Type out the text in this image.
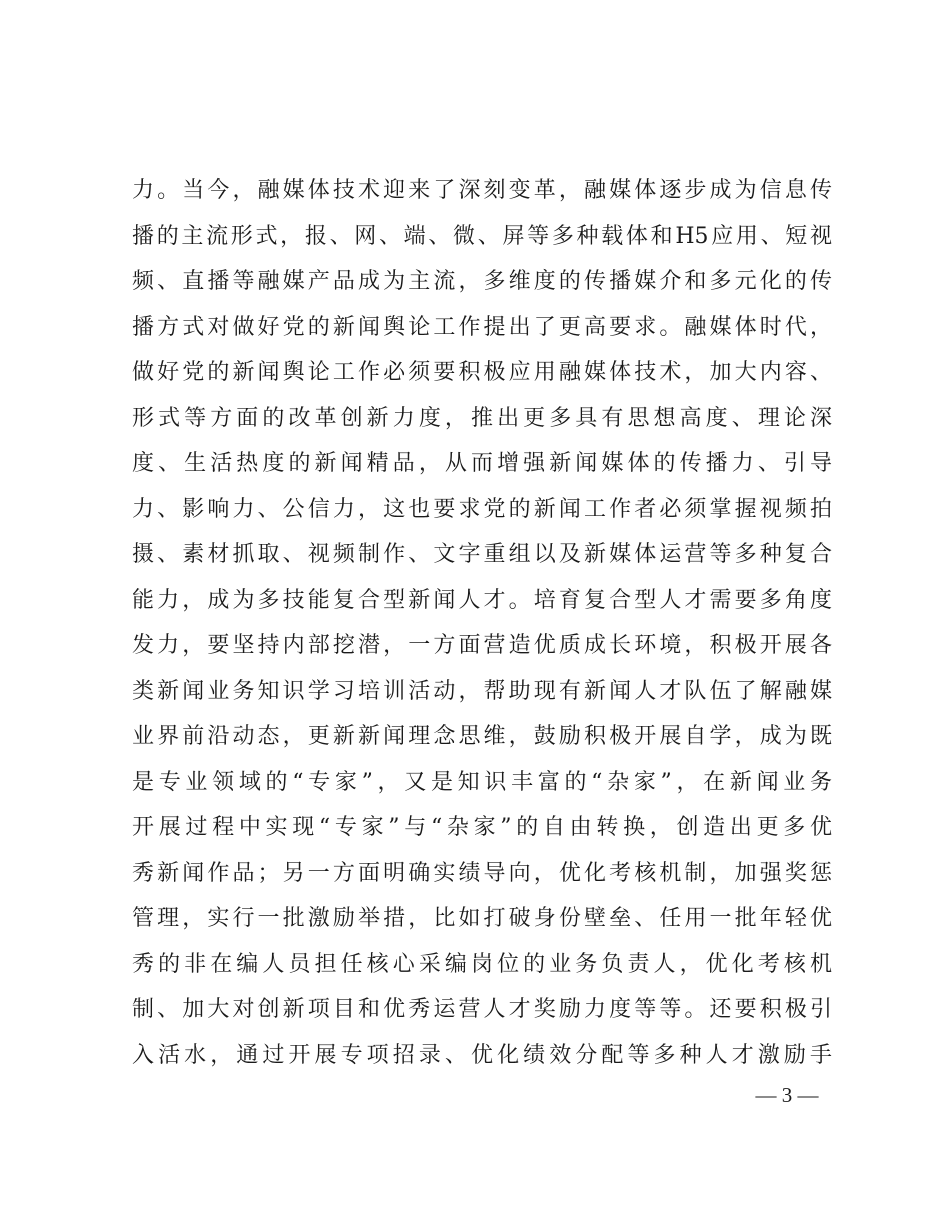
力。当今，融媒体技术迎来了深刻变革，融媒体逐步成为信息传
播的主流形式，报、网、端、微、屏等多种载体和H5应用、短视
频、直播等融媒产品成为主流，多维度的传播媒介和多元化的传
播方式对做好党的新闻舆论工作提出了更高要求。融媒体时代，
做好党的新闻舆论工作必须要积极应用融媒体技术，加大内容、
形式等方面的改革创新力度，推出更多具有思想高度、理论深
度、生活热度的新闻精品，从而增强新闻媒体的传播力、引导
力、影响力、公信力，这也要求党的新闻工作者必须掌握视频拍
摄、素材抓取、视频制作、文字重组以及新媒体运营等多种复合
能力，成为多技能复合型新闻人才。培育复合型人才需要多角度
发力，要坚持内部挖潜，一方面营造优质成长环境，积极开展各
类新闻业务知识学习培训活动，帮助现有新闻人才队伍了解融媒
业界前沿动态，更新新闻理念思维，鼓励积极开展自学，成为既
是专业领域的“专家”，又是知识丰富的“杂家”，在新闻业务
开展过程中实现“专家”与“杂家”的自由转换，创造出更多优
秀新闻作品；另一方面明确实绩导向，优化考核机制，加强奖惩
管理，实行一批激励举措，比如打破身份壁垒、任用一批年轻优
秀的非在编人员担任核心采编岗位的业务负责人，优化考核机
制、加大对创新项目和优秀运营人才奖励力度等等。还要积极引
入活水，通过开展专项招录、优化绩效分配等多种人才激励手
— 3 —
